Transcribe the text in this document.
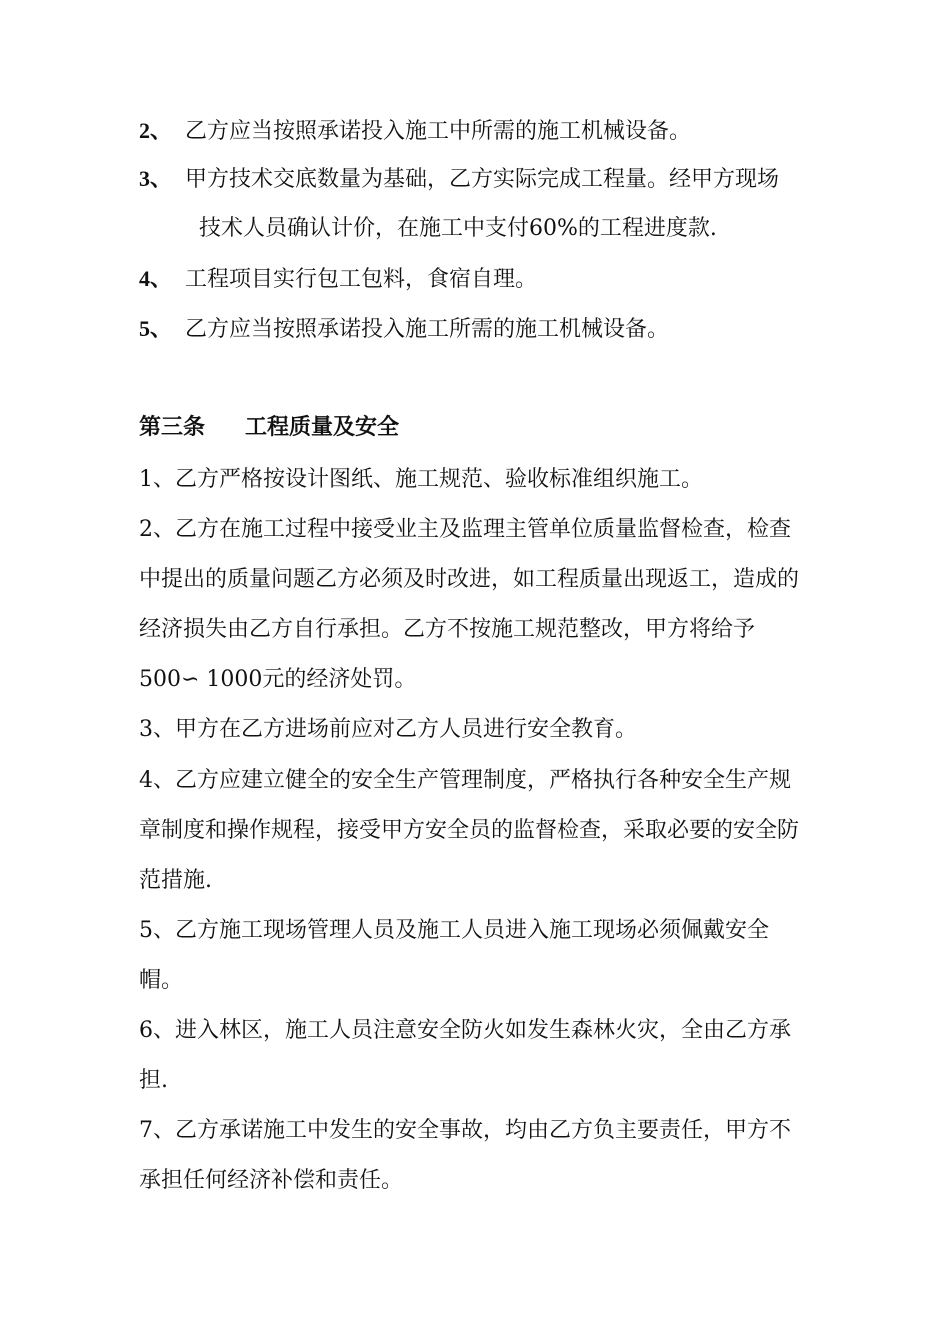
2、 乙方应当按照承诺投入施工中所需的施工机械设备。
3、 甲方技术交底数量为基础，乙方实际完成工程量。经甲方现场
技术人员确认计价，在施工中支付60%的工程进度款.
4、 工程项目实行包工包料，食宿自理。
5、 乙方应当按照承诺投入施工所需的施工机械设备。
第三条 工程质量及安全
1、乙方严格按设计图纸、施工规范、验收标准组织施工。
2、乙方在施工过程中接受业主及监理主管单位质量监督检查，检查
中提出的质量问题乙方必须及时改进，如工程质量出现返工，造成的
经济损失由乙方自行承担。乙方不按施工规范整改，甲方将给予
500∽ 1000元的经济处罚。
3、甲方在乙方进场前应对乙方人员进行安全教育。
4、乙方应建立健全的安全生产管理制度，严格执行各种安全生产规
章制度和操作规程，接受甲方安全员的监督检查，采取必要的安全防
范措施.
5、乙方施工现场管理人员及施工人员进入施工现场必须佩戴安全
帽。
6、进入林区，施工人员注意安全防火如发生森林火灾，全由乙方承
担.
7、乙方承诺施工中发生的安全事故，均由乙方负主要责任，甲方不
承担任何经济补偿和责任。
